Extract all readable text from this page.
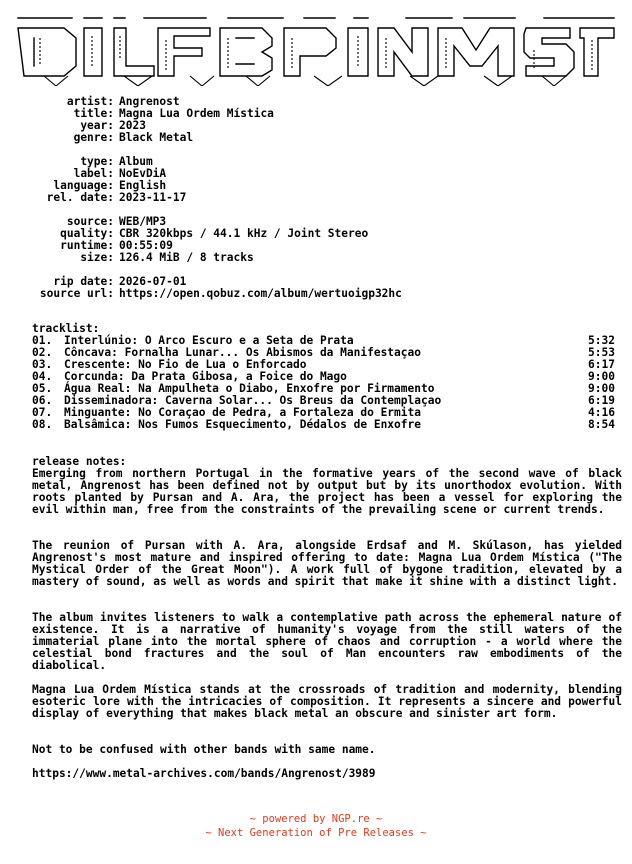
artist: Angrenost
title: Magna Lua Ordem Mística
year: 2023
genre: Black Metal
type: Album
label: NoEvDiA
language: English
rel. date: 2023-11-17
source: WEB/MP3
quality: CBR 320kbps / 44.1 kHz / Joint Stereo
runtime: 00:55:09
size: 126.4 MiB / 8 tracks
rip date: 2026-07-01
source url: https://open.qobuz.com/album/wertuoigp32hc

tracklist:

01. Interlúnio: O Arco Escuro e a Seta de Prata	5:32
02. Côncava: Fornalha Lunar... Os Abismos da Manifestaçao	5:53
03. Crescente: No Fio de Lua o Enforcado	6:17
04. Corcunda: Da Prata Gibosa, a Foice do Mago	9:00
05. Água Real: Na Ampulheta o Diabo, Enxofre por Firmamento	9:00
06. Disseminadora: Caverna Solar... Os Breus da Contemplaçao	6:19
07. Minguante: No Coraçao de Pedra, a Fortaleza do Ermita	4:16
08. Balsâmica: Nos Fumos Esquecimento, Dédalos de Enxofre	8:54

release notes:

Emerging from northern Portugal in the formative years of the second wave of black metal, Angrenost has been defined not by output but by its unorthodox evolution. With roots planted by Pursan and A. Ara, the project has been a vessel for exploring the evil within man, free from the constraints of the prevailing scene or current trends.
The reunion of Pursan with A. Ara, alongside Erdsaf and M. Skúlason, has yielded Angrenost's most mature and inspired offering to date: Magna Lua Ordem Mística ("The Mystical Order of the Great Moon"). A work full of bygone tradition, elevated by a mastery of sound, as well as words and spirit that make it shine with a distinct light.
The album invites listeners to walk a contemplative path across the ephemeral nature of existence. It is a narrative of humanity's voyage from the still waters of the immaterial plane into the mortal sphere of chaos and corruption - a world where the celestial bond fractures and the soul of Man encounters raw embodiments of the diabolical.
Magna Lua Ordem Mística stands at the crossroads of tradition and modernity, blending esoteric lore with the intricacies of composition. It represents a sincere and powerful display of everything that makes black metal an obscure and sinister art form.
Not to be confused with other bands with same name.
https://www.metal-archives.com/bands/Angrenost/3989
~ powered by NGP.re ~
~ Next Generation of Pre Releases ~
